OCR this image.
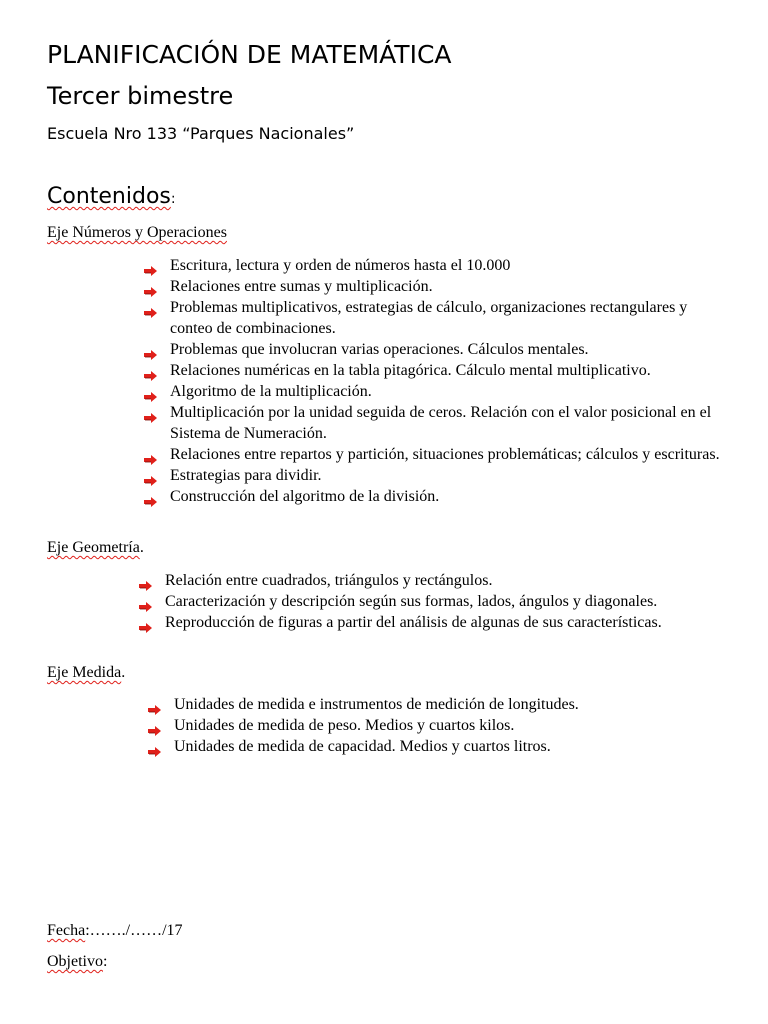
PLANIFICACIÓN DE MATEMÁTICA
Tercer bimestre
Escuela Nro 133 “Parques Nacionales”
Contenidos:
Eje Números y Operaciones
Escritura, lectura y orden de números hasta el 10.000
Relaciones entre sumas y multiplicación.
Problemas multiplicativos, estrategias de cálculo, organizaciones rectangulares y conteo de combinaciones.
Problemas que involucran varias operaciones. Cálculos mentales.
Relaciones numéricas en la tabla pitagórica. Cálculo mental multiplicativo.
Algoritmo de la multiplicación.
Multiplicación por la unidad seguida de ceros. Relación con el valor posicional en el Sistema de Numeración.
Relaciones entre repartos y partición, situaciones problemáticas; cálculos y escrituras.
Estrategias para dividir.
Construcción del algoritmo de la división.
Eje Geometría.
Relación entre cuadrados, triángulos y rectángulos.
Caracterización y descripción según sus formas, lados, ángulos y diagonales.
Reproducción de figuras a partir del análisis de algunas de sus características.
Eje Medida.
Unidades de medida e instrumentos de medición de longitudes.
Unidades de medida de peso. Medios y cuartos kilos.
Unidades de medida de capacidad. Medios y cuartos litros.
Fecha:……./……/17
Objetivo:
